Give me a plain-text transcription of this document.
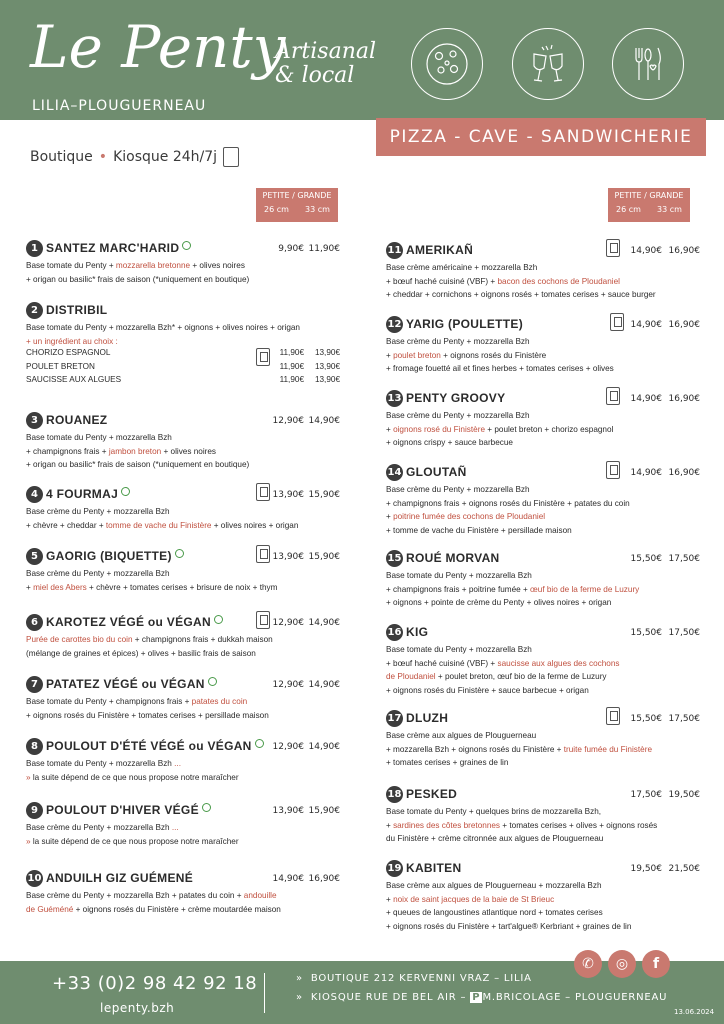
Le Penty
LILIA–PLOUGUERNEAU
Artisanal
& local
PIZZA - CAVE - SANDWICHERIE
Boutique • Kiosque 24h/7j
PETITE / GRANDE
26 cm 33 cm
PETITE / GRANDE
26 cm 33 cm
1 SANTEZ MARC'HARID	9,90€ 11,90€
Base tomate du Penty + mozzarella bretonne + olives noires
+ origan ou basilic* frais de saison (*uniquement en boutique)
2 DISTRIBIL
Base tomate du Penty + mozzarella Bzh* + oignons + olives noires + origan
+ un ingrédient au choix :
CHORIZO ESPAGNOL	11,90€	13,90€
POULET BRETON	11,90€	13,90€
SAUCISSE AUX ALGUES	11,90€	13,90€
3 ROUANEZ	12,90€ 14,90€
Base tomate du Penty + mozzarella Bzh
+ champignons frais + jambon breton + olives noires
+ origan ou basilic* frais de saison (*uniquement en boutique)
4 4 FOURMAJ	13,90€ 15,90€
Base crème du Penty + mozzarella Bzh
+ chèvre + cheddar + tomme de vache du Finistère + olives noires + origan
5 GAORIG (BIQUETTE)	13,90€ 15,90€
Base crème du Penty + mozzarella Bzh
+ miel des Abers + chèvre + tomates cerises + brisure de noix + thym
6 KAROTEZ VÉGÉ ou VÉGAN	12,90€ 14,90€
Purée de carottes bio du coin + champignons frais + dukkah maison
(mélange de graines et épices) + olives + basilic frais de saison
7 PATATEZ VÉGÉ ou VÉGAN	12,90€ 14,90€
Base tomate du Penty + champignons frais + patates du coin
+ oignons rosés du Finistère + tomates cerises + persillade maison
8 POULOUT D'ÉTÉ VÉGÉ ou VÉGAN	12,90€ 14,90€
Base tomate du Penty + mozzarella Bzh ...
» la suite dépend de ce que nous propose notre maraîcher
9 POULOUT D'HIVER VÉGÉ	13,90€ 15,90€
Base crème du Penty + mozzarella Bzh ...
» la suite dépend de ce que nous propose notre maraîcher
10 ANDUILH GIZ GUÉMENÉ	14,90€ 16,90€
Base crème du Penty + mozzarella Bzh + patates du coin + andouille
de Guéméné + oignons rosés du Finistère + crème moutardée maison
11 AMERIKAÑ	14,90€ 16,90€
Base crème américaine + mozzarella Bzh
+ bœuf haché cuisiné (VBF) + bacon des cochons de Ploudaniel
+ cheddar + cornichons + oignons rosés + tomates cerises + sauce burger
12 YARIG (POULETTE)	14,90€ 16,90€
Base crème du Penty + mozzarella Bzh
+ poulet breton + oignons rosés du Finistère
+ fromage fouetté ail et fines herbes + tomates cerises + olives
13 PENTY GROOVY	14,90€ 16,90€
Base crème du Penty + mozzarella Bzh
+ oignons rosé du Finistère + poulet breton + chorizo espagnol
+ oignons crispy + sauce barbecue
14 GLOUTAÑ	14,90€ 16,90€
Base crème du Penty + mozzarella Bzh
+ champignons frais + oignons rosés du Finistère + patates du coin
+ poitrine fumée des cochons de Ploudaniel
+ tomme de vache du Finistère + persillade maison
15 ROUÉ MORVAN	15,50€ 17,50€
Base tomate du Penty + mozzarella Bzh
+ champignons frais + poitrine fumée + œuf bio de la ferme de Luzury
+ oignons + pointe de crème du Penty + olives noires + origan
16 KIG	15,50€ 17,50€
Base tomate du Penty + mozzarella Bzh
+ bœuf haché cuisiné (VBF) + saucisse aux algues des cochons
de Ploudaniel + poulet breton, œuf bio de la ferme de Luzury
+ oignons rosés du Finistère + sauce barbecue + origan
17 DLUZH	15,50€ 17,50€
Base crème aux algues de Plouguerneau
+ mozzarella Bzh + oignons rosés du Finistère + truite fumée du Finistère
+ tomates cerises + graines de lin
18 PESKED	17,50€ 19,50€
Base tomate du Penty + quelques brins de mozzarella Bzh,
+ sardines des côtes bretonnes + tomates cerises + olives + oignons rosés
du Finistère + crème citronnée aux algues de Plouguerneau
19 KABITEN	19,50€ 21,50€
Base crème aux algues de Plouguerneau + mozzarella Bzh
+ noix de saint jacques de la baie de St Brieuc
+ queues de langoustines atlantique nord + tomates cerises
+ oignons rosés du Finistère + tart'algue® Kerbriant + graines de lin
+33 (0)2 98 42 92 18
lepenty.bzh
»  BOUTIQUE 212 KERVENNI VRAZ – LILIA
»  KIOSQUE RUE DE BEL AIR – P M.BRICOLAGE – PLOUGUERNEAU
13.06.2024
✆	◎	f
